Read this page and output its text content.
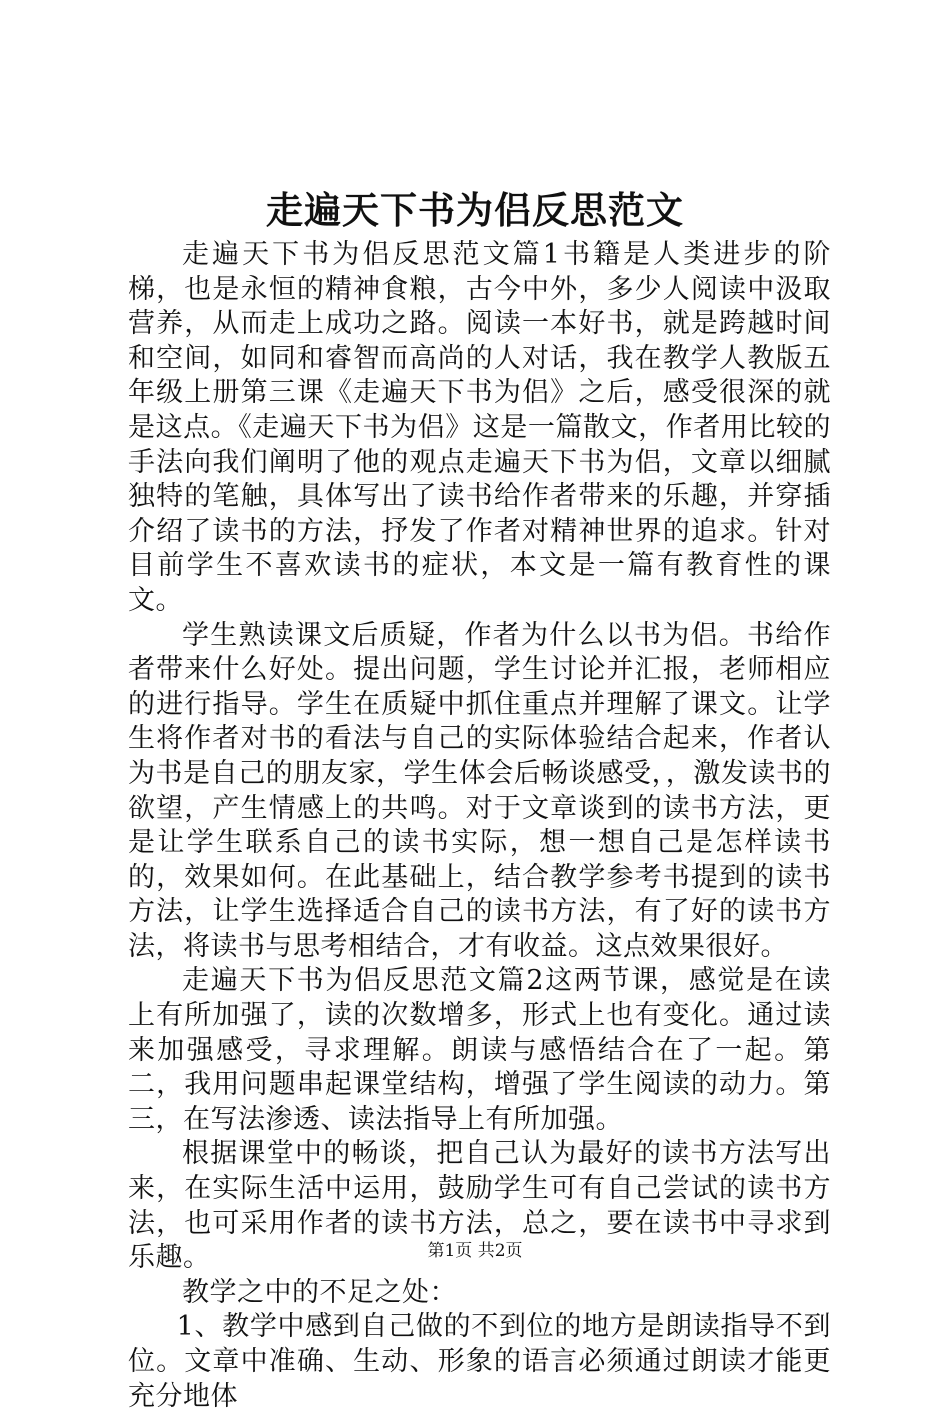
走遍天下书为侣反思范文

走遍天下书为侣反思范文篇1书籍是人类进步的阶梯，也是永恒的精神食粮，古今中外，多少人阅读中汲取营养，从而走上成功之路。阅读一本好书，就是跨越时间和空间，如同和睿智而高尚的人对话，我在教学人教版五年级上册第三课《走遍天下书为侣》之后，感受很深的就是这点。《走遍天下书为侣》这是一篇散文，作者用比较的手法向我们阐明了他的观点走遍天下书为侣，文章以细腻独特的笔触，具体写出了读书给作者带来的乐趣，并穿插介绍了读书的方法，抒发了作者对精神世界的追求。针对目前学生不喜欢读书的症状，本文是一篇有教育性的课文。

学生熟读课文后质疑，作者为什么以书为侣。书给作者带来什么好处。提出问题，学生讨论并汇报，老师相应的进行指导。学生在质疑中抓住重点并理解了课文。让学生将作者对书的看法与自己的实际体验结合起来，作者认为书是自己的朋友家，学生体会后畅谈感受，，激发读书的欲望，产生情感上的共鸣。对于文章谈到的读书方法，更是让学生联系自己的读书实际，想一想自己是怎样读书的，效果如何。在此基础上，结合教学参考书提到的读书方法，让学生选择适合自己的读书方法，有了好的读书方法，将读书与思考相结合，才有收益。这点效果很好。

走遍天下书为侣反思范文篇2这两节课，感觉是在读上有所加强了，读的次数增多，形式上也有变化。通过读来加强感受，寻求理解。朗读与感悟结合在了一起。第二，我用问题串起课堂结构，增强了学生阅读的动力。第三，在写法渗透、读法指导上有所加强。

根据课堂中的畅谈，把自己认为最好的读书方法写出来，在实际生活中运用，鼓励学生可有自己尝试的读书方法，也可采用作者的读书方法，总之，要在读书中寻求到乐趣。

教学之中的不足之处：

1、教学中感到自己做的不到位的地方是朗读指导不到位。文章中准确、生动、形象的语言必须通过朗读才能更充分地体

第1页 共2页
